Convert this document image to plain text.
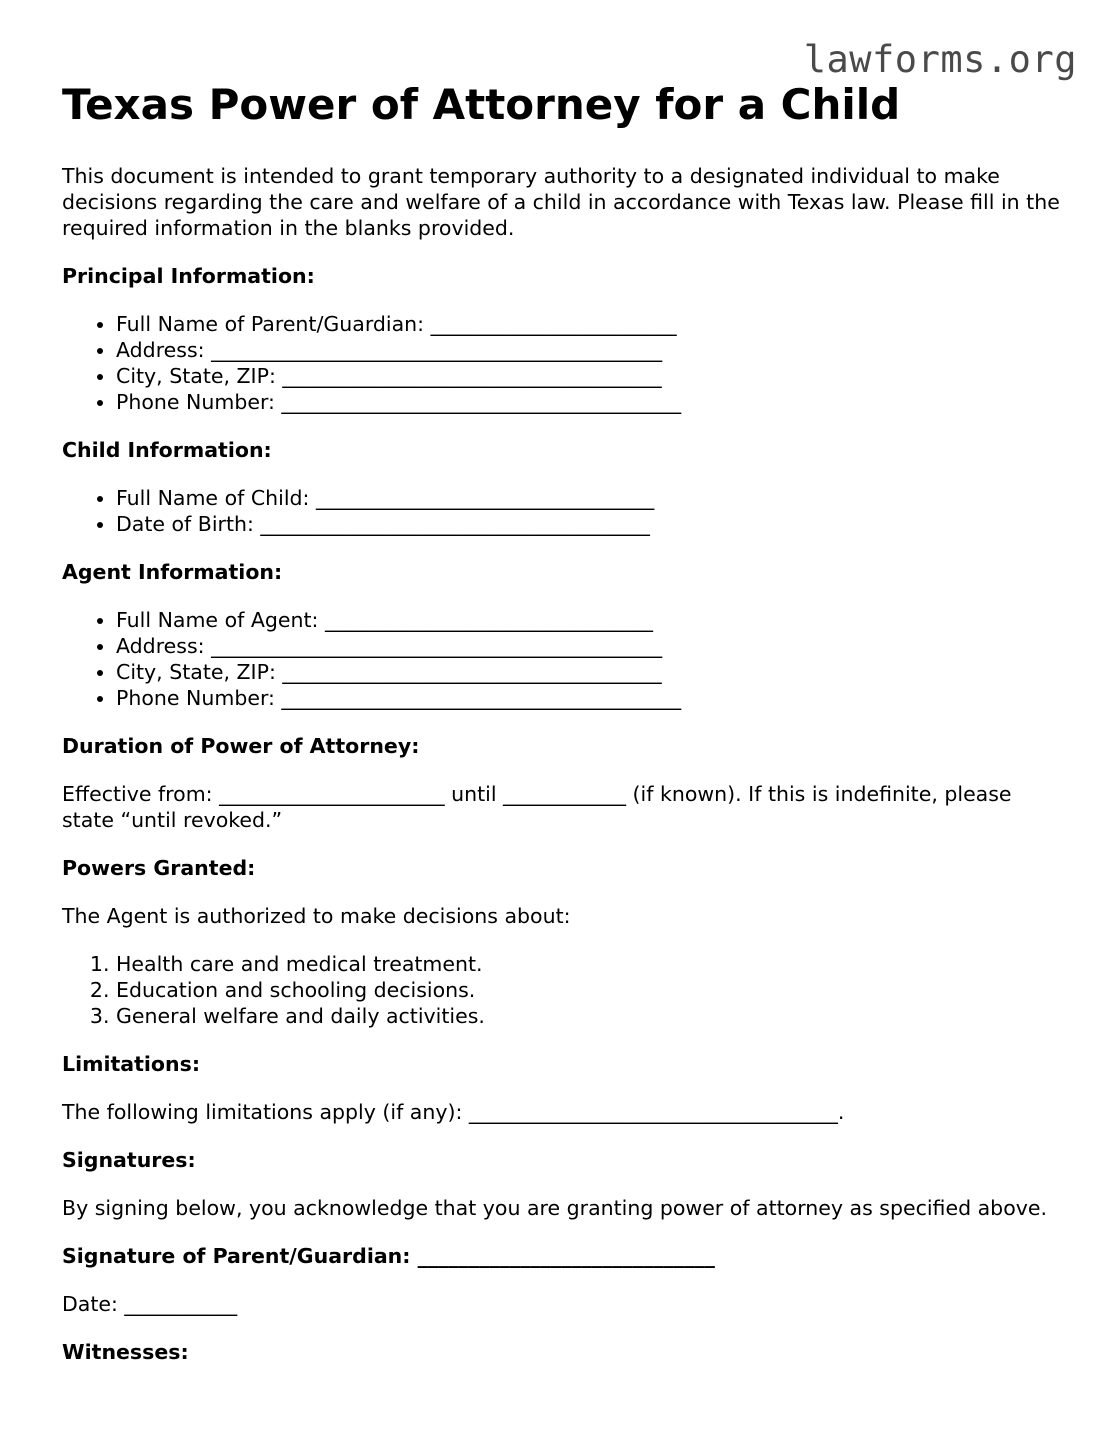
lawforms.org
Texas Power of Attorney for a Child

This document is intended to grant temporary authority to a designated individual to make decisions regarding the care and welfare of a child in accordance with Texas law. Please fill in the required information in the blanks provided.

Principal Information:
• Full Name of Parent/Guardian: ________________________
• Address: ____________________________________________
• City, State, ZIP: _____________________________________
• Phone Number: _______________________________________
Child Information:
• Full Name of Child: _________________________________
• Date of Birth: ______________________________________
Agent Information:
• Full Name of Agent: ________________________________
• Address: ____________________________________________
• City, State, ZIP: _____________________________________
• Phone Number: _______________________________________
Duration of Power of Attorney:

Effective from: ______________________ until ____________ (if known). If this is indefinite, please state “until revoked.”

Powers Granted:

The Agent is authorized to make decisions about:

1. Health care and medical treatment.
2. Education and schooling decisions.
3. General welfare and daily activities.
Limitations:

The following limitations apply (if any): ____________________________________.

Signatures:

By signing below, you acknowledge that you are granting power of attorney as specified above.

Signature of Parent/Guardian: _____________________________

Date: ___________

Witnesses:
